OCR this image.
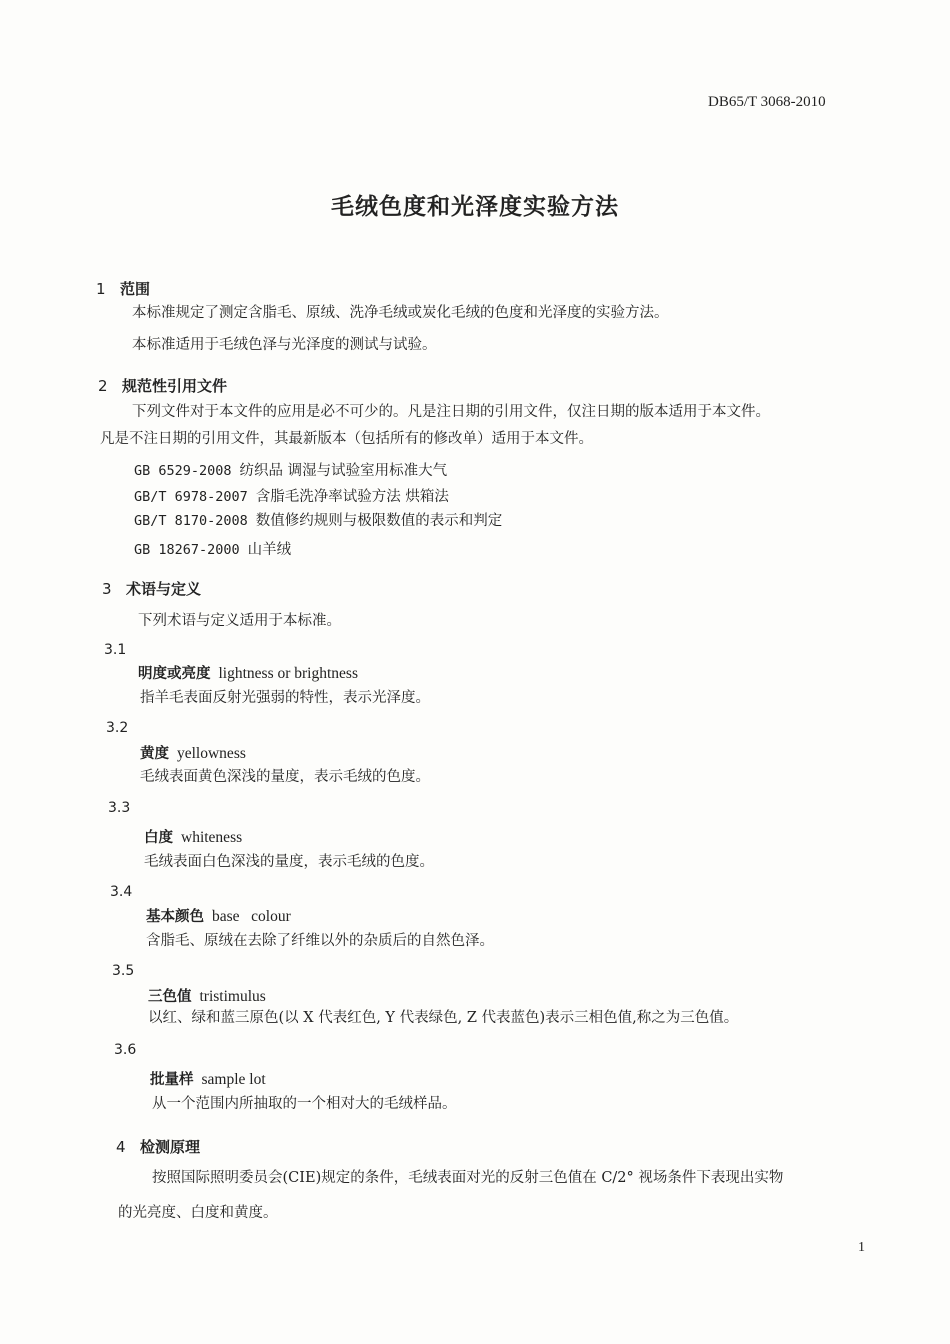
DB65/T 3068-2010
毛绒色度和光泽度实验方法
1 范围
本标准规定了测定含脂毛、原绒、洗净毛绒或炭化毛绒的色度和光泽度的实验方法。
本标准适用于毛绒色泽与光泽度的测试与试验。
2 规范性引用文件
下列文件对于本文件的应用是必不可少的。凡是注日期的引用文件，仅注日期的版本适用于本文件。
凡是不注日期的引用文件，其最新版本（包括所有的修改单）适用于本文件。
GB 6529-2008 纺织品 调湿与试验室用标准大气
GB/T 6978-2007 含脂毛洗净率试验方法 烘箱法
GB/T 8170-2008 数值修约规则与极限数值的表示和判定
GB 18267-2000 山羊绒
3 术语与定义
下列术语与定义适用于本标准。
3.1
明度或亮度 lightness or brightness
指羊毛表面反射光强弱的特性，表示光泽度。
3.2
黄度 yellowness
毛绒表面黄色深浅的量度，表示毛绒的色度。
3.3
白度 whiteness
毛绒表面白色深浅的量度，表示毛绒的色度。
3.4
基本颜色 base   colour
含脂毛、原绒在去除了纤维以外的杂质后的自然色泽。
3.5
三色值 tristimulus
以红、绿和蓝三原色(以 X 代表红色, Y 代表绿色, Z 代表蓝色)表示三相色值,称之为三色值。
3.6
批量样 sample lot
从一个范围内所抽取的一个相对大的毛绒样品。
4 检测原理
按照国际照明委员会(CIE)规定的条件，毛绒表面对光的反射三色值在 C/2° 视场条件下表现出实物
的光亮度、白度和黄度。
1
